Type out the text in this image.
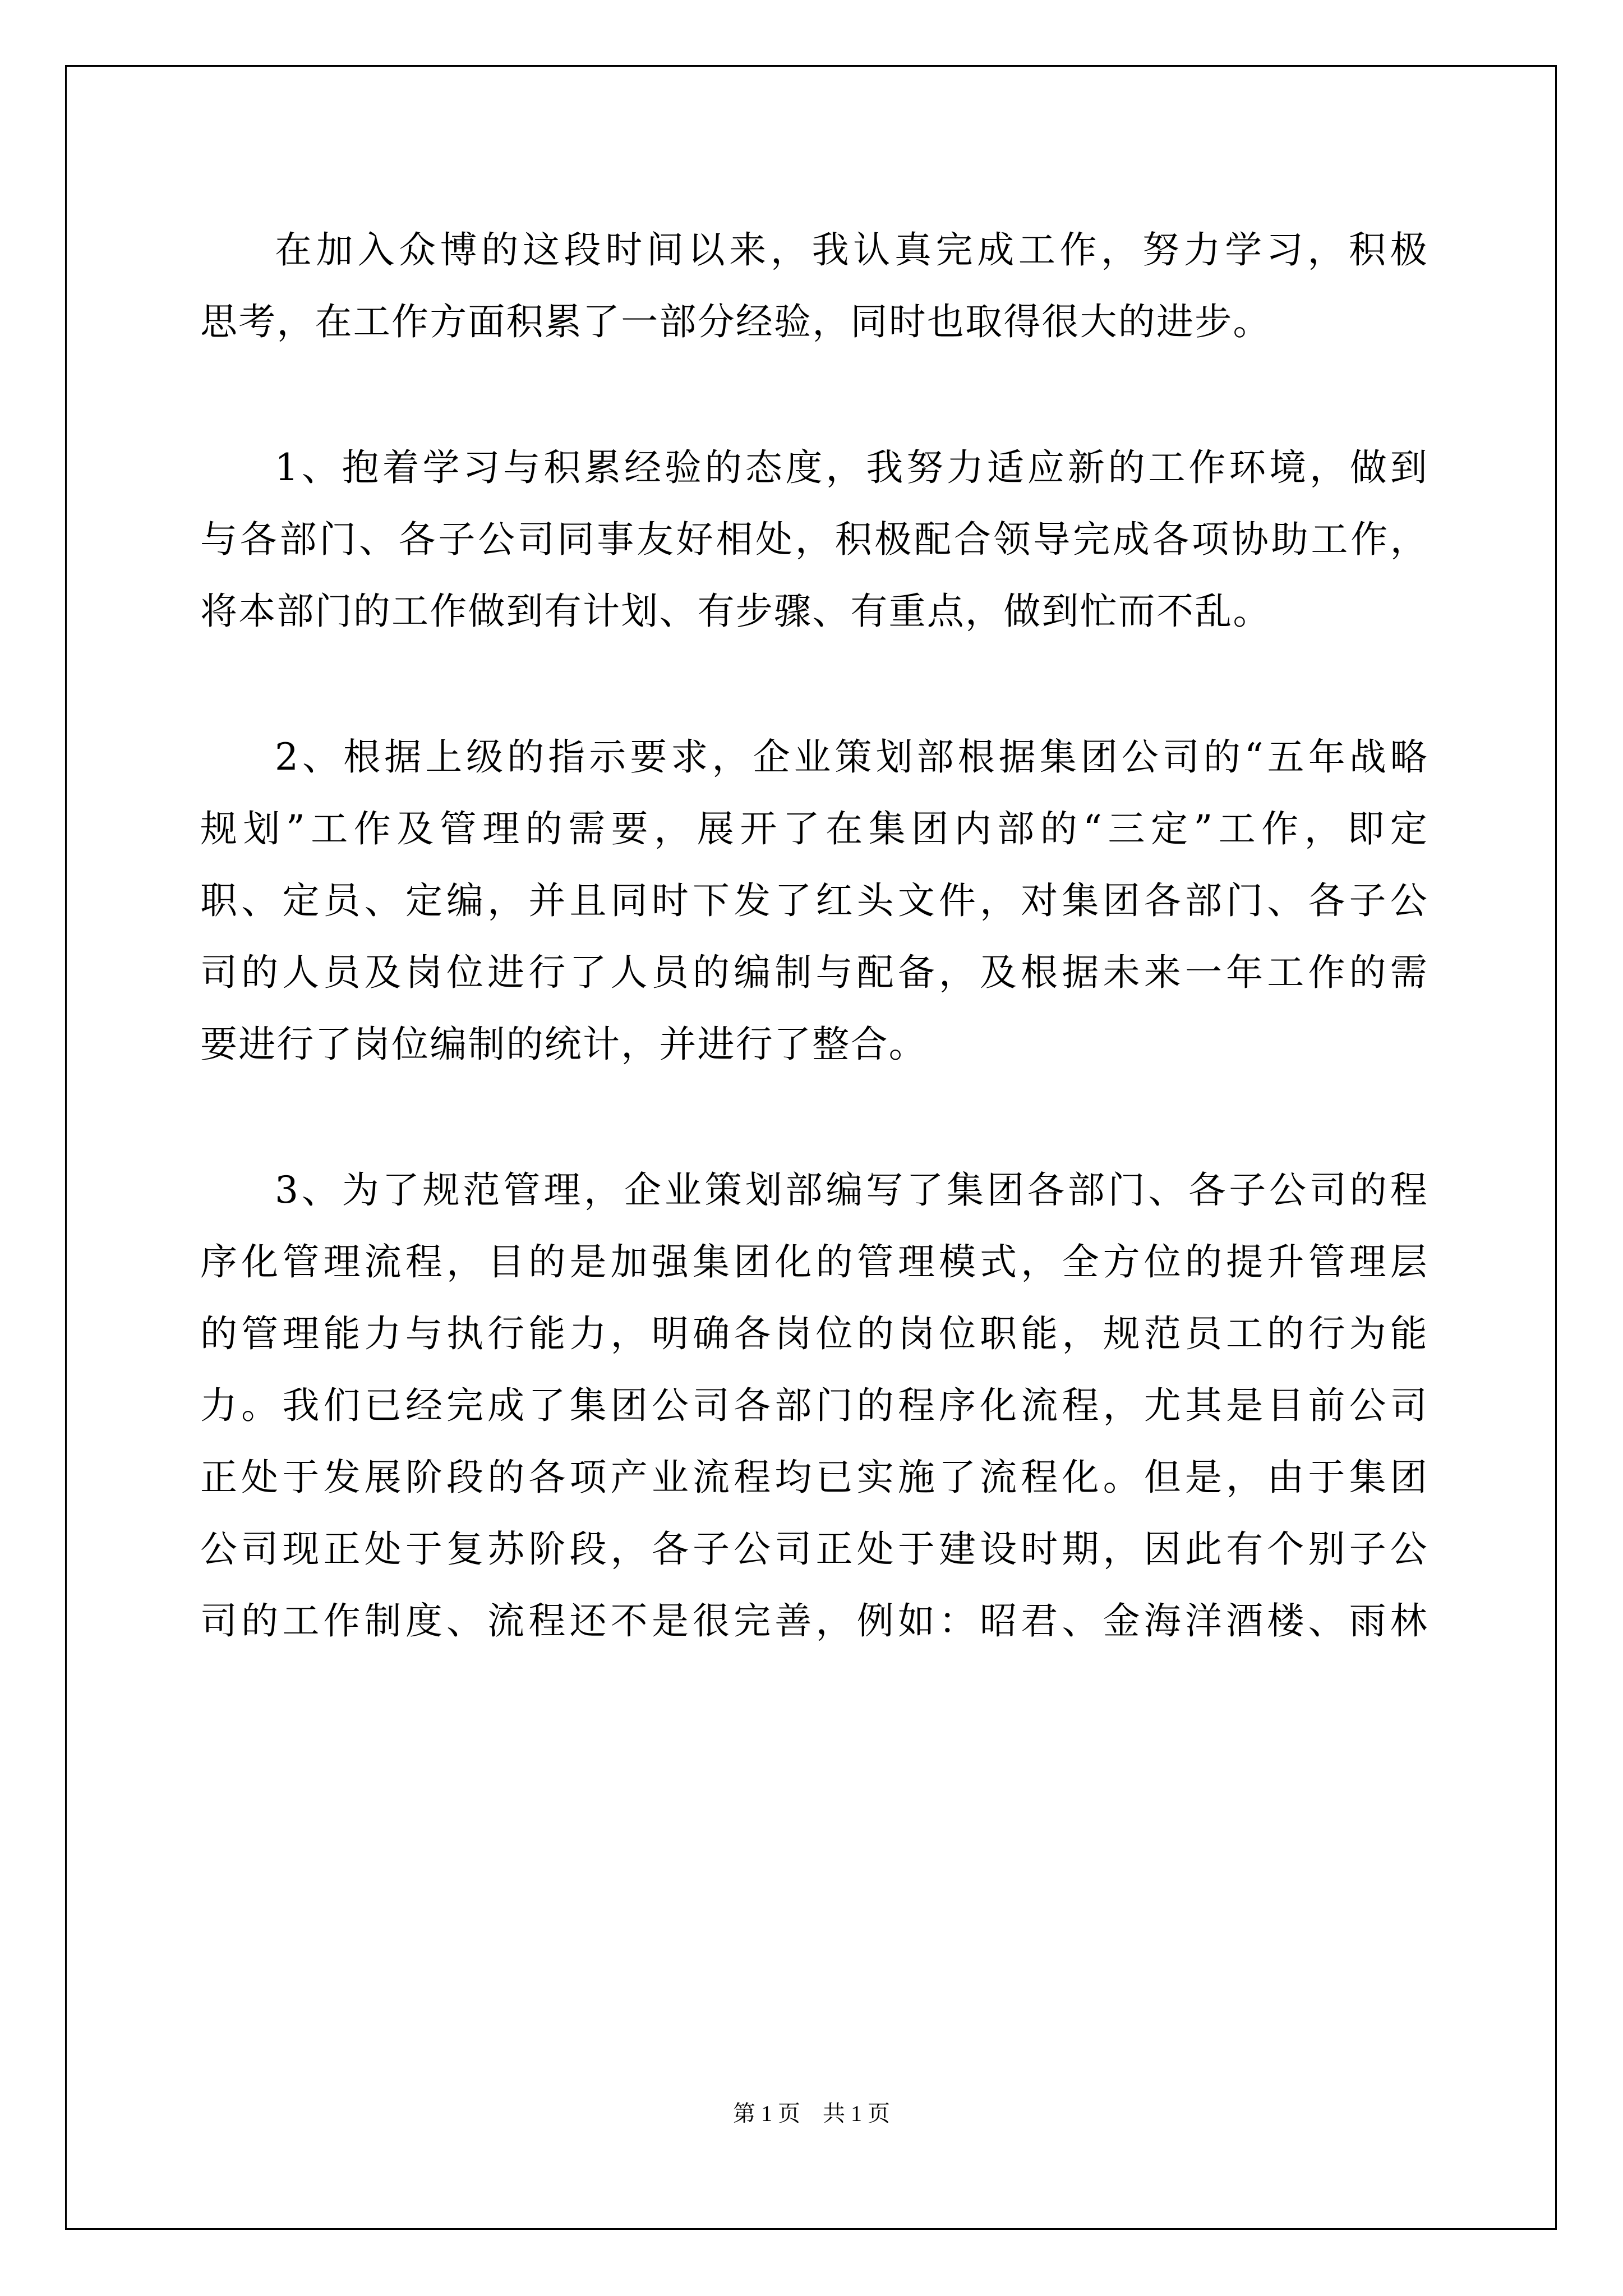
在加入众博的这段时间以来，我认真完成工作，努力学习，积极

思考，在工作方面积累了一部分经验，同时也取得很大的进步。

1、抱着学习与积累经验的态度，我努力适应新的工作环境，做到

与各部门、各子公司同事友好相处，积极配合领导完成各项协助工作，

将本部门的工作做到有计划、有步骤、有重点，做到忙而不乱。

2、根据上级的指示要求，企业策划部根据集团公司的“五年战略

规划”工作及管理的需要，展开了在集团内部的“三定”工作，即定

职、定员、定编，并且同时下发了红头文件，对集团各部门、各子公

司的人员及岗位进行了人员的编制与配备，及根据未来一年工作的需

要进行了岗位编制的统计，并进行了整合。

3、为了规范管理，企业策划部编写了集团各部门、各子公司的程

序化管理流程，目的是加强集团化的管理模式，全方位的提升管理层

的管理能力与执行能力，明确各岗位的岗位职能，规范员工的行为能

力。我们已经完成了集团公司各部门的程序化流程，尤其是目前公司

正处于发展阶段的各项产业流程均已实施了流程化。但是，由于集团

公司现正处于复苏阶段，各子公司正处于建设时期，因此有个别子公

司的工作制度、流程还不是很完善，例如：昭君、金海洋酒楼、雨林

第 1 页　共 1 页
